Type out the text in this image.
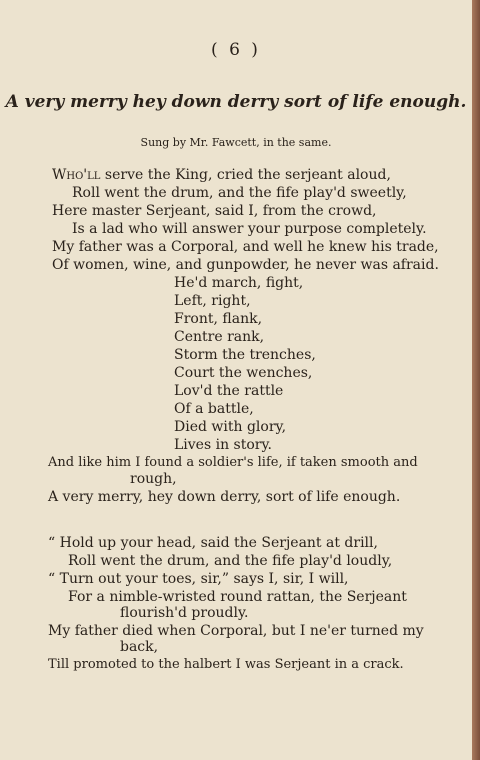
( 6 )
A very merry hey down derry sort of life enough.
Sung by Mr. Fawcett, in the same.
Who'll serve the King, cried the serjeant aloud,
Roll went the drum, and the fife play'd sweetly,
Here master Serjeant, said I, from the crowd,
Is a lad who will answer your purpose completely.
My father was a Corporal, and well he knew his trade,
Of women, wine, and gunpowder, he never was afraid.
He'd march, fight,
Left, right,
Front, flank,
Centre rank,
Storm the trenches,
Court the wenches,
Lov'd the rattle
Of a battle,
Died with glory,
Lives in story.
And like him I found a soldier's life, if taken smooth and
rough,
A very merry, hey down derry, sort of life enough.
“ Hold up your head, said the Serjeant at drill,
Roll went the drum, and the fife play'd loudly,
“ Turn out your toes, sir,” says I, sir, I will,
For a nimble-wristed round rattan, the Serjeant
flourish'd proudly.
My father died when Corporal, but I ne'er turned my
back,
Till promoted to the halbert I was Serjeant in a crack.
